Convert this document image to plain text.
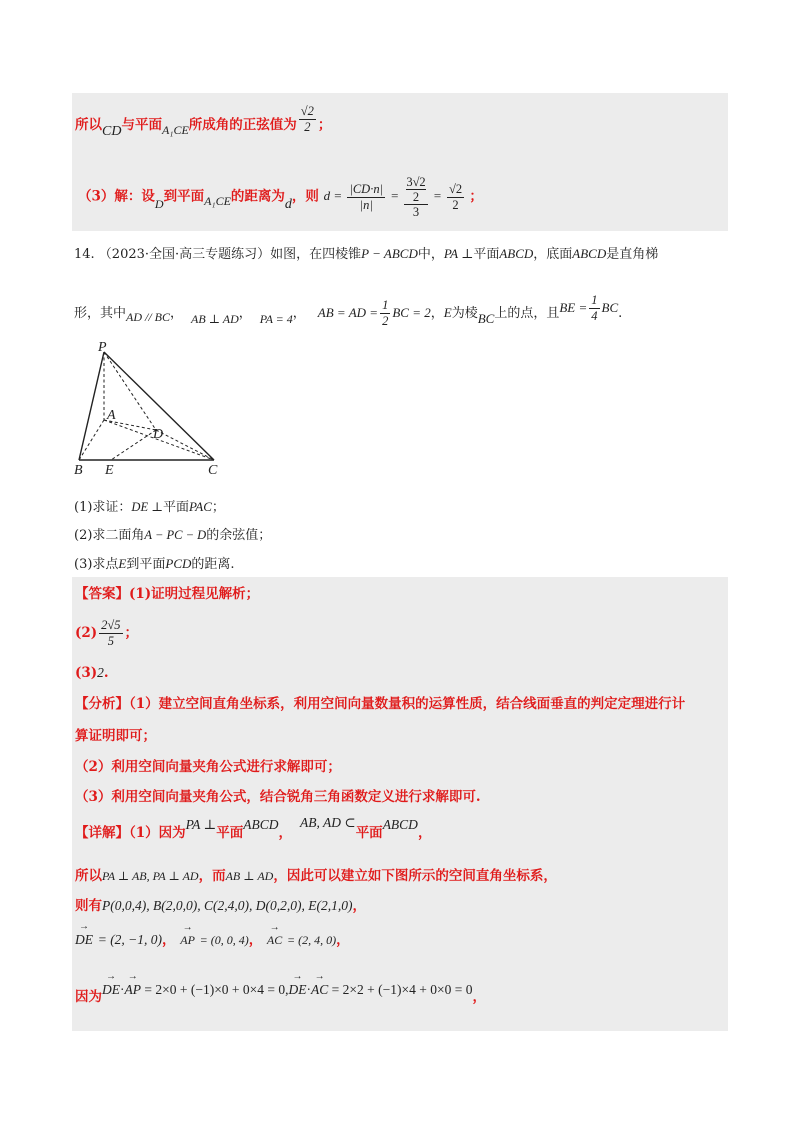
所以CD与平面A₁CE所成角的正弦值为 $\frac{√2}{2}$ ；
（3）解：设D到平面A₁CE的距离为d，则 $d = \frac{|CD\cdot n|}{|n|} = 3√2$
2
$3 = \frac{√2}{2}$ ；
14. （2023·全国·高三专题练习）如图，在四棱锥P − ABCD中，PA ⊥平面ABCD，底面ABCD是直角梯
形，其中AD // BC， AB ⊥ AD， PA = 4， AB = AD = $\frac{1}{2}$ BC = 2，E为棱BC上的点，且BE = $\frac{1}{4}$ BC.
P
A
D
B E	C
(1)求证：DE ⊥平面PAC；
(2)求二面角A − PC − D的余弦值；
(3)求点E到平面PCD的距离.
【答案】(1)证明过程见解析；
$(2) \frac{2√5}{5}$ ；
(3)2.
【分析】（1）建立空间直角坐标系，利用空间向量数量积的运算性质，结合线面垂直的判定定理进行计
算证明即可；
（2）利用空间向量夹角公式进行求解即可；
（3）利用空间向量夹角公式，结合锐角三角函数定义进行求解即可.
【详解】（1）因为PA ⊥平面ABCD，AB, AD ⊂平面ABCD，
所以PA ⊥ AB, PA ⊥ AD，而AB ⊥ AD，因此可以建立如下图所示的空间直角坐标系，
则有P(0,0,4), B(2,0,0), C(2,4,0), D(0,2,0), E(2,1,0)，
→ DE = (2, −1, 0)， → AP = (0, 0, 4)， → AC = (2, 4, 0)，
因为→ DE·→ AP = 2×0 + (−1)×0 + 0×4 = 0,→ DE·→ AC = 2×2 + (−1)×4 + 0×0 = 0，
